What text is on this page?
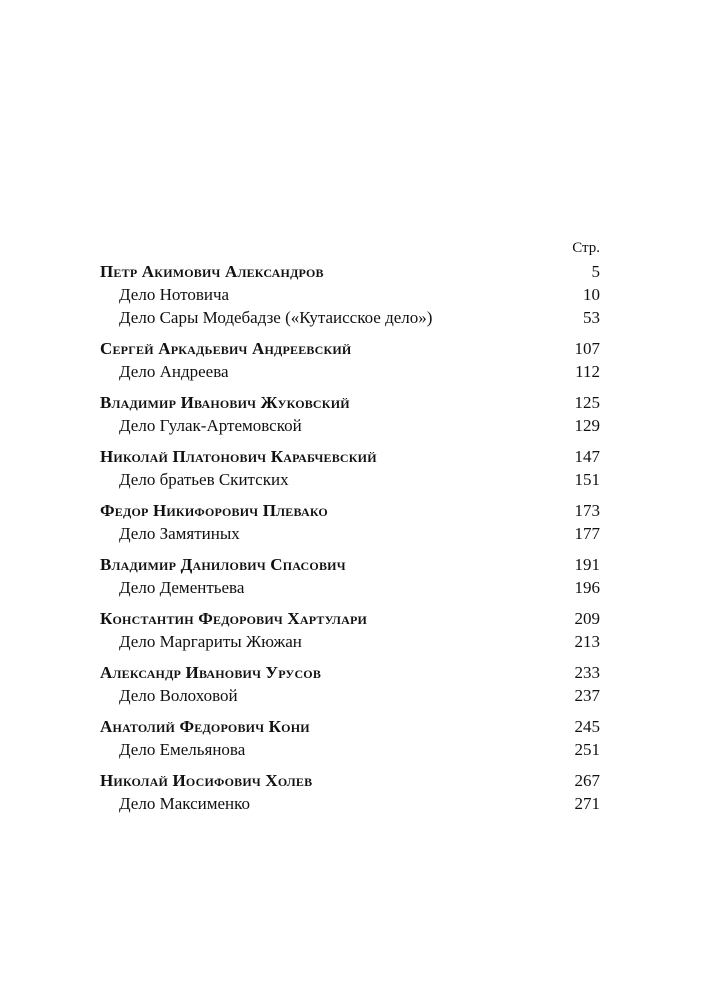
Стр.
Петр Акимович Александров	5
Дело Нотовича	10
Дело Сары Модебадзе («Кутаисское дело»)	53
Сергей Аркадьевич Андреевский	107
Дело Андреева	112
Владимир Иванович Жуковский	125
Дело Гулак-Артемовской	129
Николай Платонович Карабчевский	147
Дело братьев Скитских	151
Федор Никифорович Плевако	173
Дело Замятиных	177
Владимир Данилович Спасович	191
Дело Дементьева	196
Константин Федорович Хартулари	209
Дело Маргариты Жюжан	213
Александр Иванович Урусов	233
Дело Волоховой	237
Анатолий Федорович Кони	245
Дело Емельянова	251
Николай Иосифович Холев	267
Дело Максименко	271
